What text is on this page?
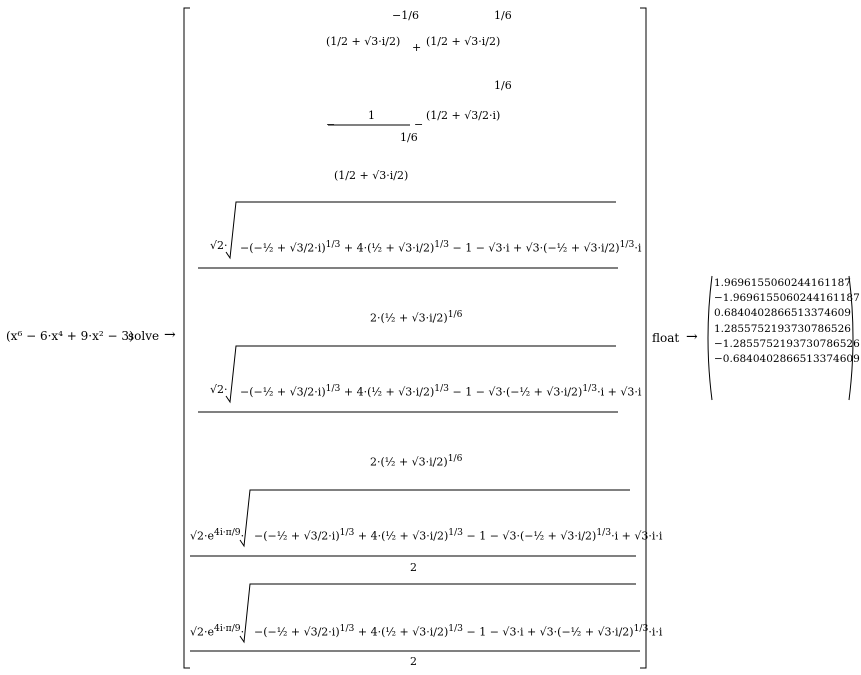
(x⁶ − 6·x⁴ + 9·x² − 3)
solve →
(1/2 + √3·i/2)
−1/6
+ (1/2 + √3·i/2)
1/6
−
1
(1/2 + √3·i/2)
1/6
−
(1/2 + √3/2·i)
1/6
√2· −(−½ + √3/2·i)$^{1/3}$ + 4·(½ + √3·i/2)$^{1/3}$ − 1 − √3·i + √3·(−½ + √3·i/2)$^{1/3}$·i
2·(½ + √3·i/2)$^{1/6}$
√2· −(−½ + √3/2·i)$^{1/3}$ + 4·(½ + √3·i/2)$^{1/3}$ − 1 − √3·(−½ + √3·i/2)$^{1/3}$·i + √3·i
2·(½ + √3·i/2)$^{1/6}$
$√2\cdot e^{4i\cdot\pi/9}\cdot$ −(−½ + √3/2·i)$^{1/3}$ + 4·(½ + √3·i/2)$^{1/3}$ − 1 − √3·(−½ + √3·i/2)$^{1/3}$·i + √3·i·i
2
$√2\cdot e^{4i\cdot\pi/9}\cdot$ −(−½ + √3/2·i)$^{1/3}$ + 4·(½ + √3·i/2)$^{1/3}$ − 1 − √3·i + √3·(−½ + √3·i/2)$^{1/3}$·i·i
2
float →
1.9696155060244161187
−1.9696155060244161187
0.6840402866513374609
1.2855752193730786526
−1.2855752193730786526
−0.6840402866513374609
